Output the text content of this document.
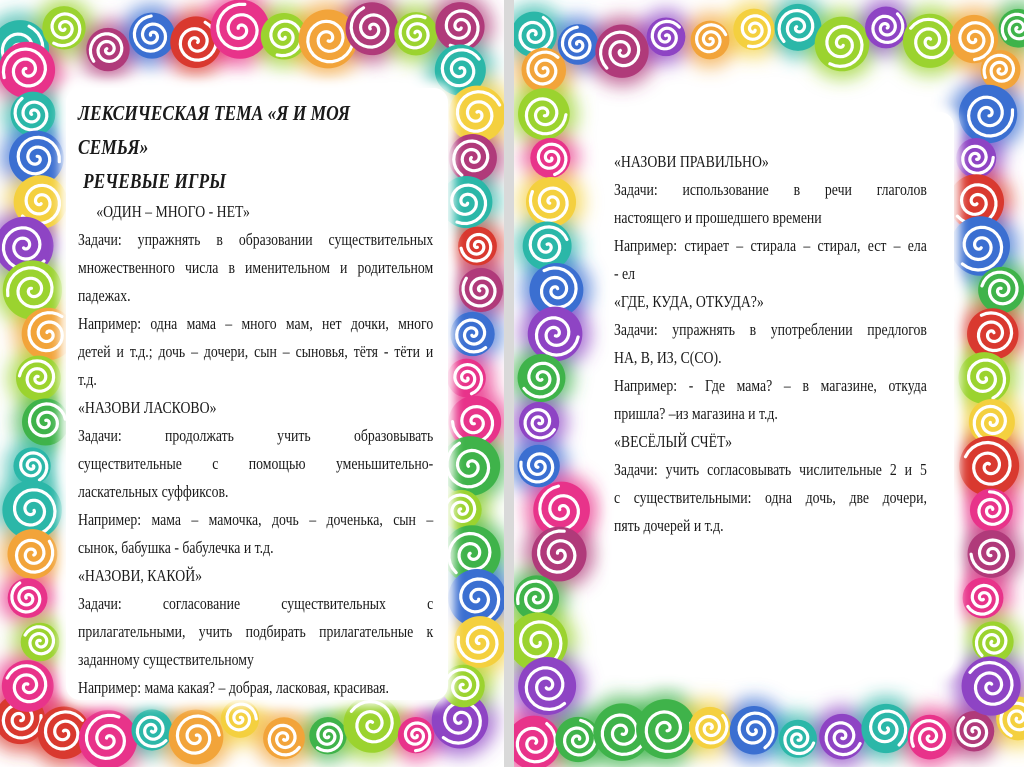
ЛЕКСИЧЕСКАЯ ТЕМА «Я И МОЯ

СЕМЬЯ»

РЕЧЕВЫЕ ИГРЫ

«ОДИН – МНОГО - НЕТ»

Задачи: упражнять в образовании существительных

множественного числа в именительном и родительном

падежах.

Например: одна мама – много мам, нет дочки, много

детей и т.д.; дочь – дочери, сын – сыновья, тётя - тёти и

т.д.

«НАЗОВИ ЛАСКОВО»

Задачи: продолжать учить образовывать

существительные с помощью уменьшительно-

ласкательных суффиксов.

Например: мама – мамочка, дочь – доченька, сын –

сынок, бабушка - бабулечка и т.д.

«НАЗОВИ, КАКОЙ»

Задачи: согласование существительных с

прилагательными, учить подбирать прилагательные к

заданному существительному

Например: мама какая? – добрая, ласковая, красивая.

«НАЗОВИ ПРАВИЛЬНО»

Задачи: использование в речи глаголов

настоящего и прошедшего времени

Например: стирает – стирала – стирал, ест – ела

- ел

«ГДЕ, КУДА, ОТКУДА?»

Задачи: упражнять в употреблении предлогов

НА, В, ИЗ, С(СО).

Например: - Где мама? – в магазине, откуда

пришла? –из магазина и т.д.

«ВЕСЁЛЫЙ СЧЁТ»

Задачи: учить согласовывать числительные 2 и 5

с существительными: одна дочь, две дочери,

пять дочерей и т.д.
